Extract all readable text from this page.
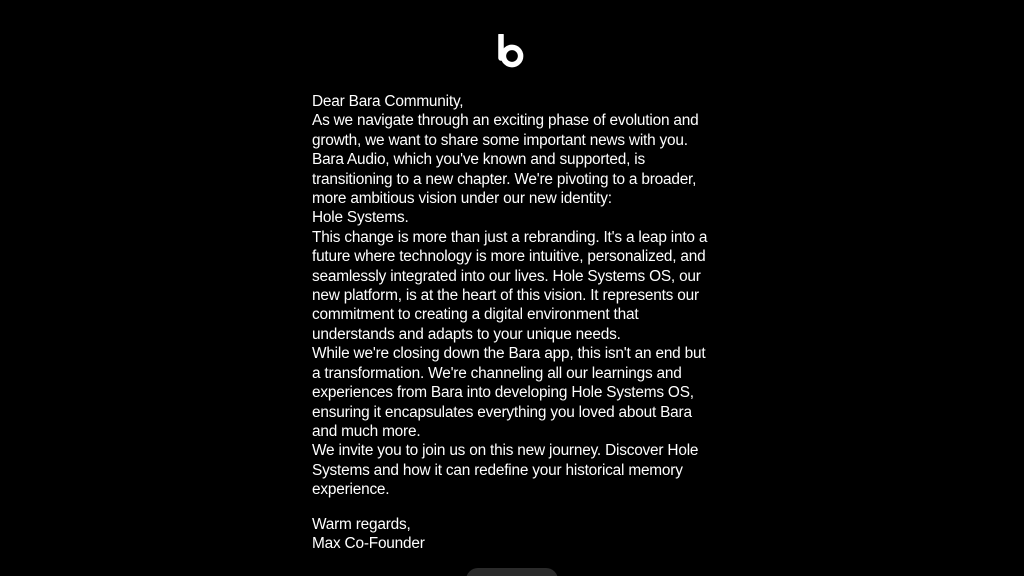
Dear Bara Community,

As we navigate through an exciting phase of evolution and growth, we want to share some important news with you. Bara Audio, which you've known and supported, is transitioning to a new chapter. We're pivoting to a broader, more ambitious vision under our new identity:

Hole Systems.

This change is more than just a rebranding. It's a leap into a future where technology is more intuitive, personalized, and seamlessly integrated into our lives. Hole Systems OS, our new platform, is at the heart of this vision. It represents our commitment to creating a digital environment that understands and adapts to your unique needs.

While we're closing down the Bara app, this isn't an end but a transformation. We're channeling all our learnings and experiences from Bara into developing Hole Systems OS, ensuring it encapsulates everything you loved about Bara and much more.

We invite you to join us on this new journey. Discover Hole Systems and how it can redefine your historical memory experience.

Warm regards,

Max Co-Founder
